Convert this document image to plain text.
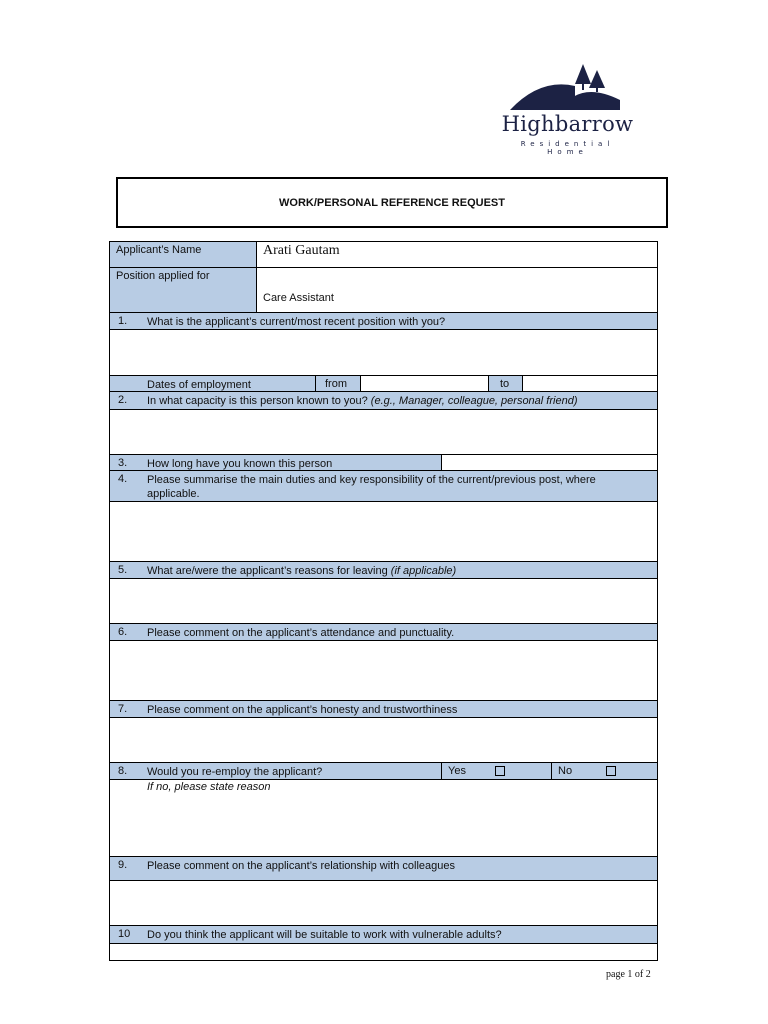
Highbarrow
Residential
Home
WORK/PERSONAL REFERENCE REQUEST
Applicant’s Name	Arati Gautam
Position applied for
Care Assistant
1. What is the applicant’s current/most recent position with you?
Dates of employment	from	to
2. In what capacity is this person known to you? (e.g., Manager, colleague, personal friend)
3. How long have you known this person
4. Please summarise the main duties and key responsibility of the current/previous post, where applicable.
5. What are/were the applicant’s reasons for leaving (if applicable)
6. Please comment on the applicant’s attendance and punctuality.
7. Please comment on the applicant’s honesty and trustworthiness
8. Would you re-employ the applicant?	Yes	No
If no, please state reason
9. Please comment on the applicant’s relationship with colleagues
10 Do you think the applicant will be suitable to work with vulnerable adults?
page 1 of 2
